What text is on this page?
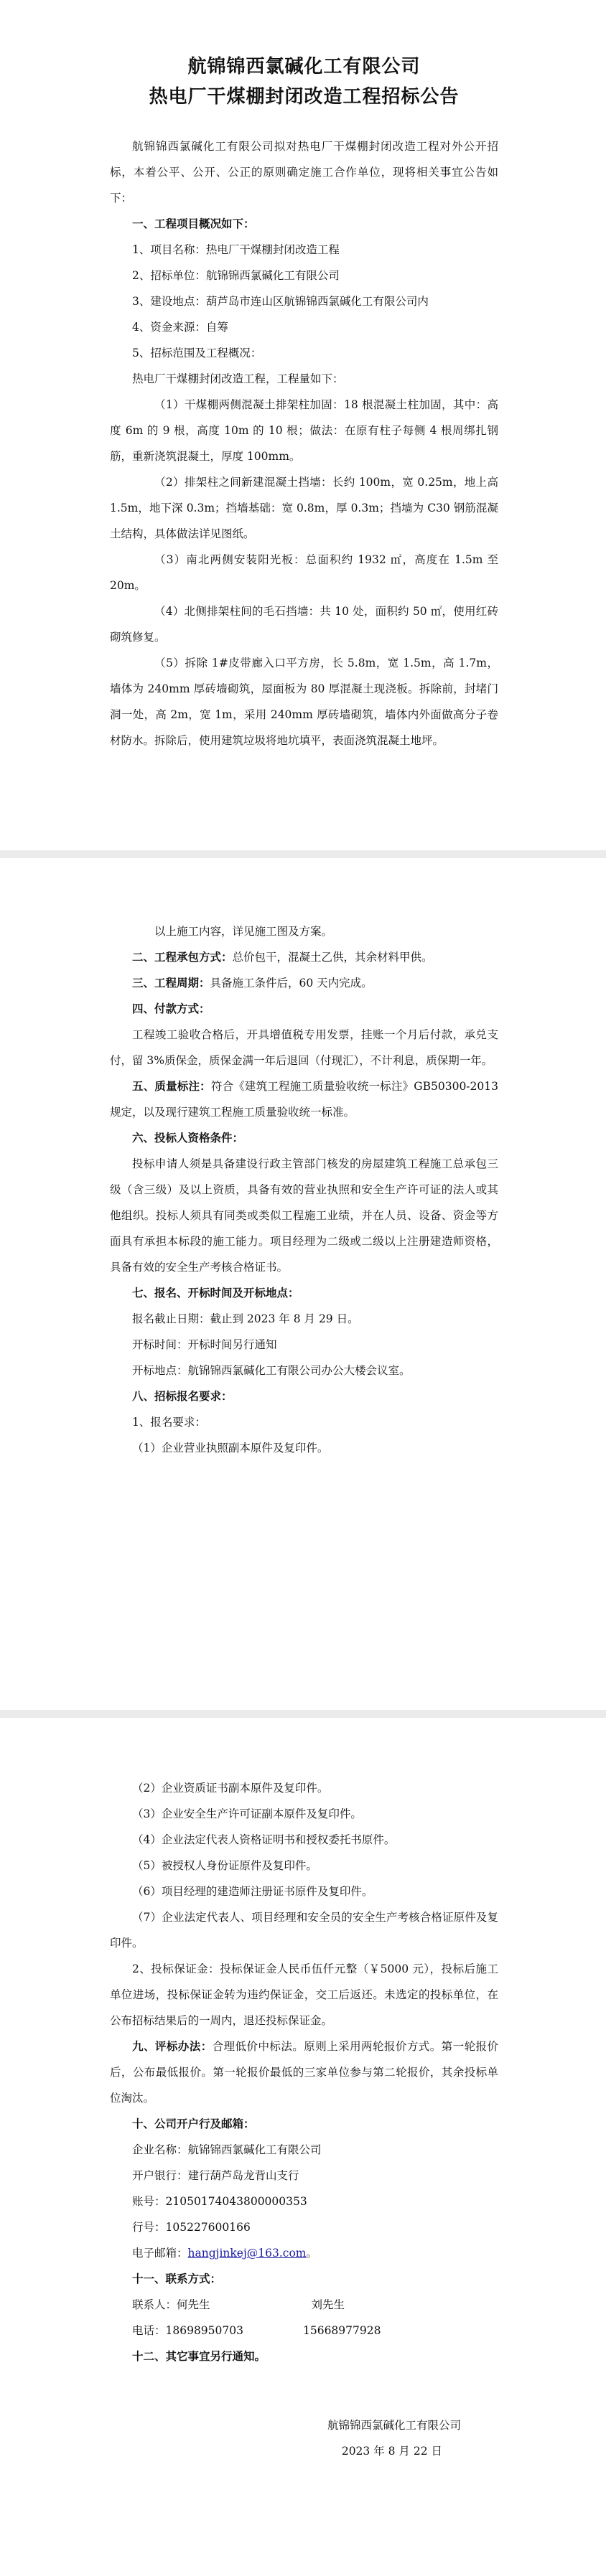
航锦锦西氯碱化工有限公司
热电厂干煤棚封闭改造工程招标公告

航锦锦西氯碱化工有限公司拟对热电厂干煤棚封闭改造工程对外公开招标，本着公平、公开、公正的原则确定施工合作单位，现将相关事宜公告如下：

一、工程项目概况如下：

1、项目名称：热电厂干煤棚封闭改造工程

2、招标单位：航锦锦西氯碱化工有限公司

3、建设地点：葫芦岛市连山区航锦锦西氯碱化工有限公司内

4、资金来源：自筹

5、招标范围及工程概况：

热电厂干煤棚封闭改造工程，工程量如下：

（1）干煤棚两侧混凝土排架柱加固：18 根混凝土柱加固，其中：高度 6m 的 9 根，高度 10m 的 10 根；做法：在原有柱子每侧 4 根周绑扎钢筋，重新浇筑混凝土，厚度 100mm。

（2）排架柱之间新建混凝土挡墙：长约 100m，宽 0.25m，地上高 1.5m，地下深 0.3m；挡墙基础：宽 0.8m，厚 0.3m；挡墙为 C30 钢筋混凝土结构，具体做法详见图纸。

（3）南北两侧安装阳光板：总面积约 1932 ㎡，高度在 1.5m 至 20m。

（4）北侧排架柱间的毛石挡墙：共 10 处，面积约 50 ㎡，使用红砖砌筑修复。

（5）拆除 1#皮带廊入口平方房，长 5.8m，宽 1.5m，高 1.7m，墙体为 240mm 厚砖墙砌筑，屋面板为 80 厚混凝土现浇板。拆除前，封堵门洞一处，高 2m，宽 1m，采用 240mm 厚砖墙砌筑，墙体内外面做高分子卷材防水。拆除后，使用建筑垃圾将地坑填平，表面浇筑混凝土地坪。

以上施工内容，详见施工图及方案。

二、工程承包方式：总价包干，混凝土乙供，其余材料甲供。

三、工程周期：具备施工条件后，60 天内完成。

四、付款方式：

工程竣工验收合格后，开具增值税专用发票，挂账一个月后付款，承兑支付，留 3%质保金，质保金满一年后退回（付现汇），不计利息，质保期一年。

五、质量标注：符合《建筑工程施工质量验收统一标注》GB50300-2013 规定，以及现行建筑工程施工质量验收统一标准。

六、投标人资格条件：

投标申请人须是具备建设行政主管部门核发的房屋建筑工程施工总承包三级（含三级）及以上资质，具备有效的营业执照和安全生产许可证的法人或其他组织。投标人须具有同类或类似工程施工业绩，并在人员、设备、资金等方面具有承担本标段的施工能力。项目经理为二级或二级以上注册建造师资格，具备有效的安全生产考核合格证书。

七、报名、开标时间及开标地点：

报名截止日期：截止到 2023 年 8 月 29 日。

开标时间：开标时间另行通知

开标地点：航锦锦西氯碱化工有限公司办公大楼会议室。

八、招标报名要求：

1、报名要求：

（1）企业营业执照副本原件及复印件。

（2）企业资质证书副本原件及复印件。

（3）企业安全生产许可证副本原件及复印件。

（4）企业法定代表人资格证明书和授权委托书原件。

（5）被授权人身份证原件及复印件。

（6）项目经理的建造师注册证书原件及复印件。

（7）企业法定代表人、项目经理和安全员的安全生产考核合格证原件及复印件。

2、投标保证金：投标保证金人民币伍仟元整（￥5000 元），投标后施工单位进场，投标保证金转为违约保证金，交工后返还。未选定的投标单位，在公布招标结果后的一周内，退还投标保证金。

九、评标办法：合理低价中标法。原则上采用两轮报价方式。第一轮报价后，公布最低报价。第一轮报价最低的三家单位参与第二轮报价，其余投标单位淘汰。

十、公司开户行及邮箱：

企业名称：航锦锦西氯碱化工有限公司

开户银行：建行葫芦岛龙背山支行

账号：21050174043800000353

行号：105227600166

电子邮箱：hangjinkej@163.com。

十一、联系方式：

联系人：何先生	刘先生

电话：18698950703	15668977928

十二、其它事宜另行通知。

航锦锦西氯碱化工有限公司

2023 年 8 月 22 日
